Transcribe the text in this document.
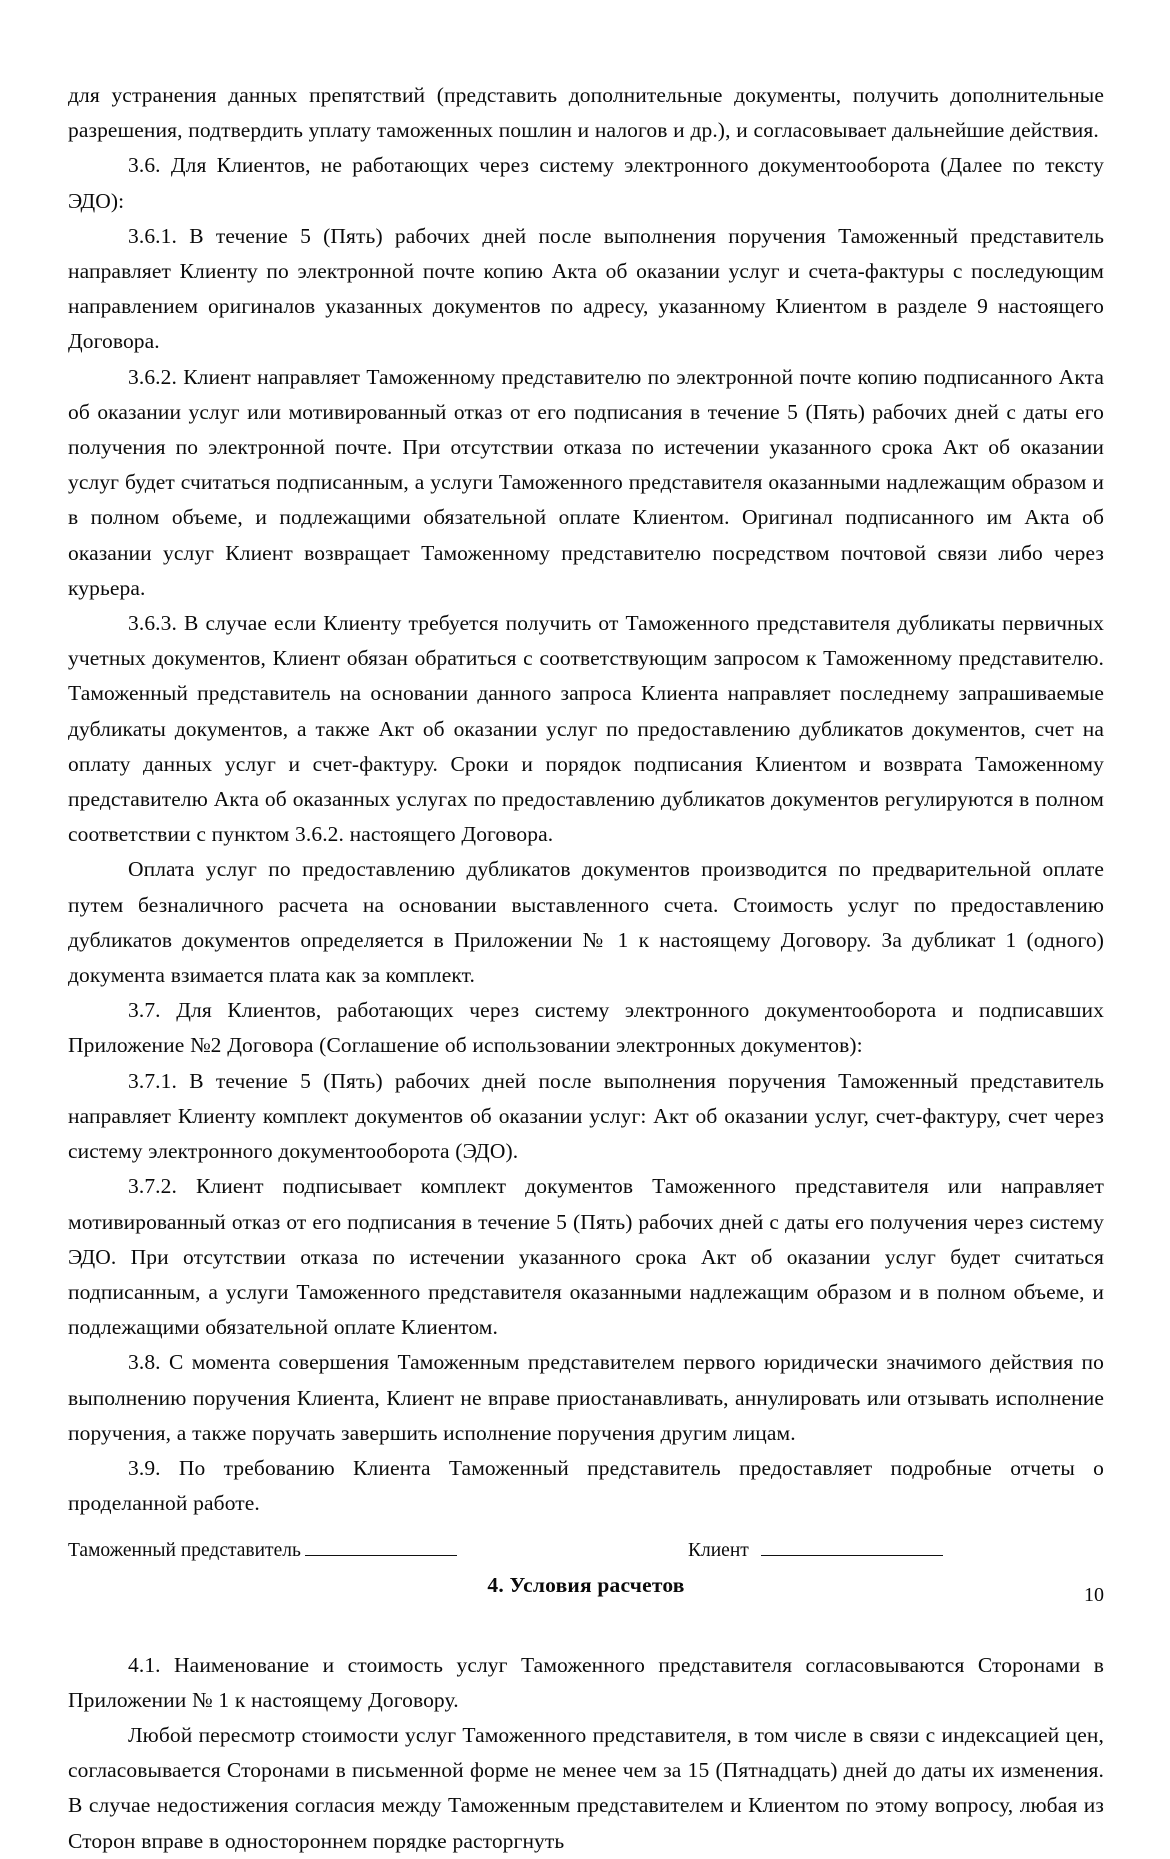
для устранения данных препятствий (представить дополнительные документы, получить дополнительные разрешения, подтвердить уплату таможенных пошлин и налогов и др.), и согласовывает дальнейшие действия.

3.6. Для Клиентов, не работающих через систему электронного документооборота (Далее по тексту ЭДО):

3.6.1. В течение 5 (Пять) рабочих дней после выполнения поручения Таможенный представитель направляет Клиенту по электронной почте копию Акта об оказании услуг и счета-фактуры с последующим направлением оригиналов указанных документов по адресу, указанному Клиентом в разделе 9 настоящего Договора.

3.6.2. Клиент направляет Таможенному представителю по электронной почте копию подписанного Акта об оказании услуг или мотивированный отказ от его подписания в течение 5 (Пять) рабочих дней с даты его получения по электронной почте. При отсутствии отказа по истечении указанного срока Акт об оказании услуг будет считаться подписанным, а услуги Таможенного представителя оказанными надлежащим образом и в полном объеме, и подлежащими обязательной оплате Клиентом. Оригинал подписанного им Акта об оказании услуг Клиент возвращает Таможенному представителю посредством почтовой связи либо через курьера.

3.6.3. В случае если Клиенту требуется получить от Таможенного представителя дубликаты первичных учетных документов, Клиент обязан обратиться с соответствующим запросом к Таможенному представителю. Таможенный представитель на основании данного запроса Клиента направляет последнему запрашиваемые дубликаты документов, а также Акт об оказании услуг по предоставлению дубликатов документов, счет на оплату данных услуг и счет-фактуру. Сроки и порядок подписания Клиентом и возврата Таможенному представителю Акта об оказанных услугах по предоставлению дубликатов документов регулируются в полном соответствии с пунктом 3.6.2. настоящего Договора.

Оплата услуг по предоставлению дубликатов документов производится по предварительной оплате путем безналичного расчета на основании выставленного счета. Стоимость услуг по предоставлению дубликатов документов определяется в Приложении № 1 к настоящему Договору. За дубликат 1 (одного) документа взимается плата как за комплект.

3.7. Для Клиентов, работающих через систему электронного документооборота и подписавших Приложение №2 Договора (Соглашение об использовании электронных документов):

3.7.1. В течение 5 (Пять) рабочих дней после выполнения поручения Таможенный представитель направляет Клиенту комплект документов об оказании услуг: Акт об оказании услуг, счет-фактуру, счет через систему электронного документооборота (ЭДО).

3.7.2. Клиент подписывает комплект документов Таможенного представителя или направляет мотивированный отказ от его подписания в течение 5 (Пять) рабочих дней с даты его получения через систему ЭДО. При отсутствии отказа по истечении указанного срока Акт об оказании услуг будет считаться подписанным, а услуги Таможенного представителя оказанными надлежащим образом и в полном объеме, и подлежащими обязательной оплате Клиентом.

3.8. С момента совершения Таможенным представителем первого юридически значимого действия по выполнению поручения Клиента, Клиент не вправе приостанавливать, аннулировать или отзывать исполнение поручения, а также поручать завершить исполнение поручения другим лицам.

3.9. По требованию Клиента Таможенный представитель предоставляет подробные отчеты о проделанной работе.

4. Условия расчетов

4.1. Наименование и стоимость услуг Таможенного представителя согласовываются Сторонами в Приложении № 1 к настоящему Договору.

Любой пересмотр стоимости услуг Таможенного представителя, в том числе в связи с индексацией цен, согласовывается Сторонами в письменной форме не менее чем за 15 (Пятнадцать) дней до даты их изменения. В случае недостижения согласия между Таможенным представителем и Клиентом по этому вопросу, любая из Сторон вправе в одностороннем порядке расторгнуть

Таможенный представитель	Клиент
10
